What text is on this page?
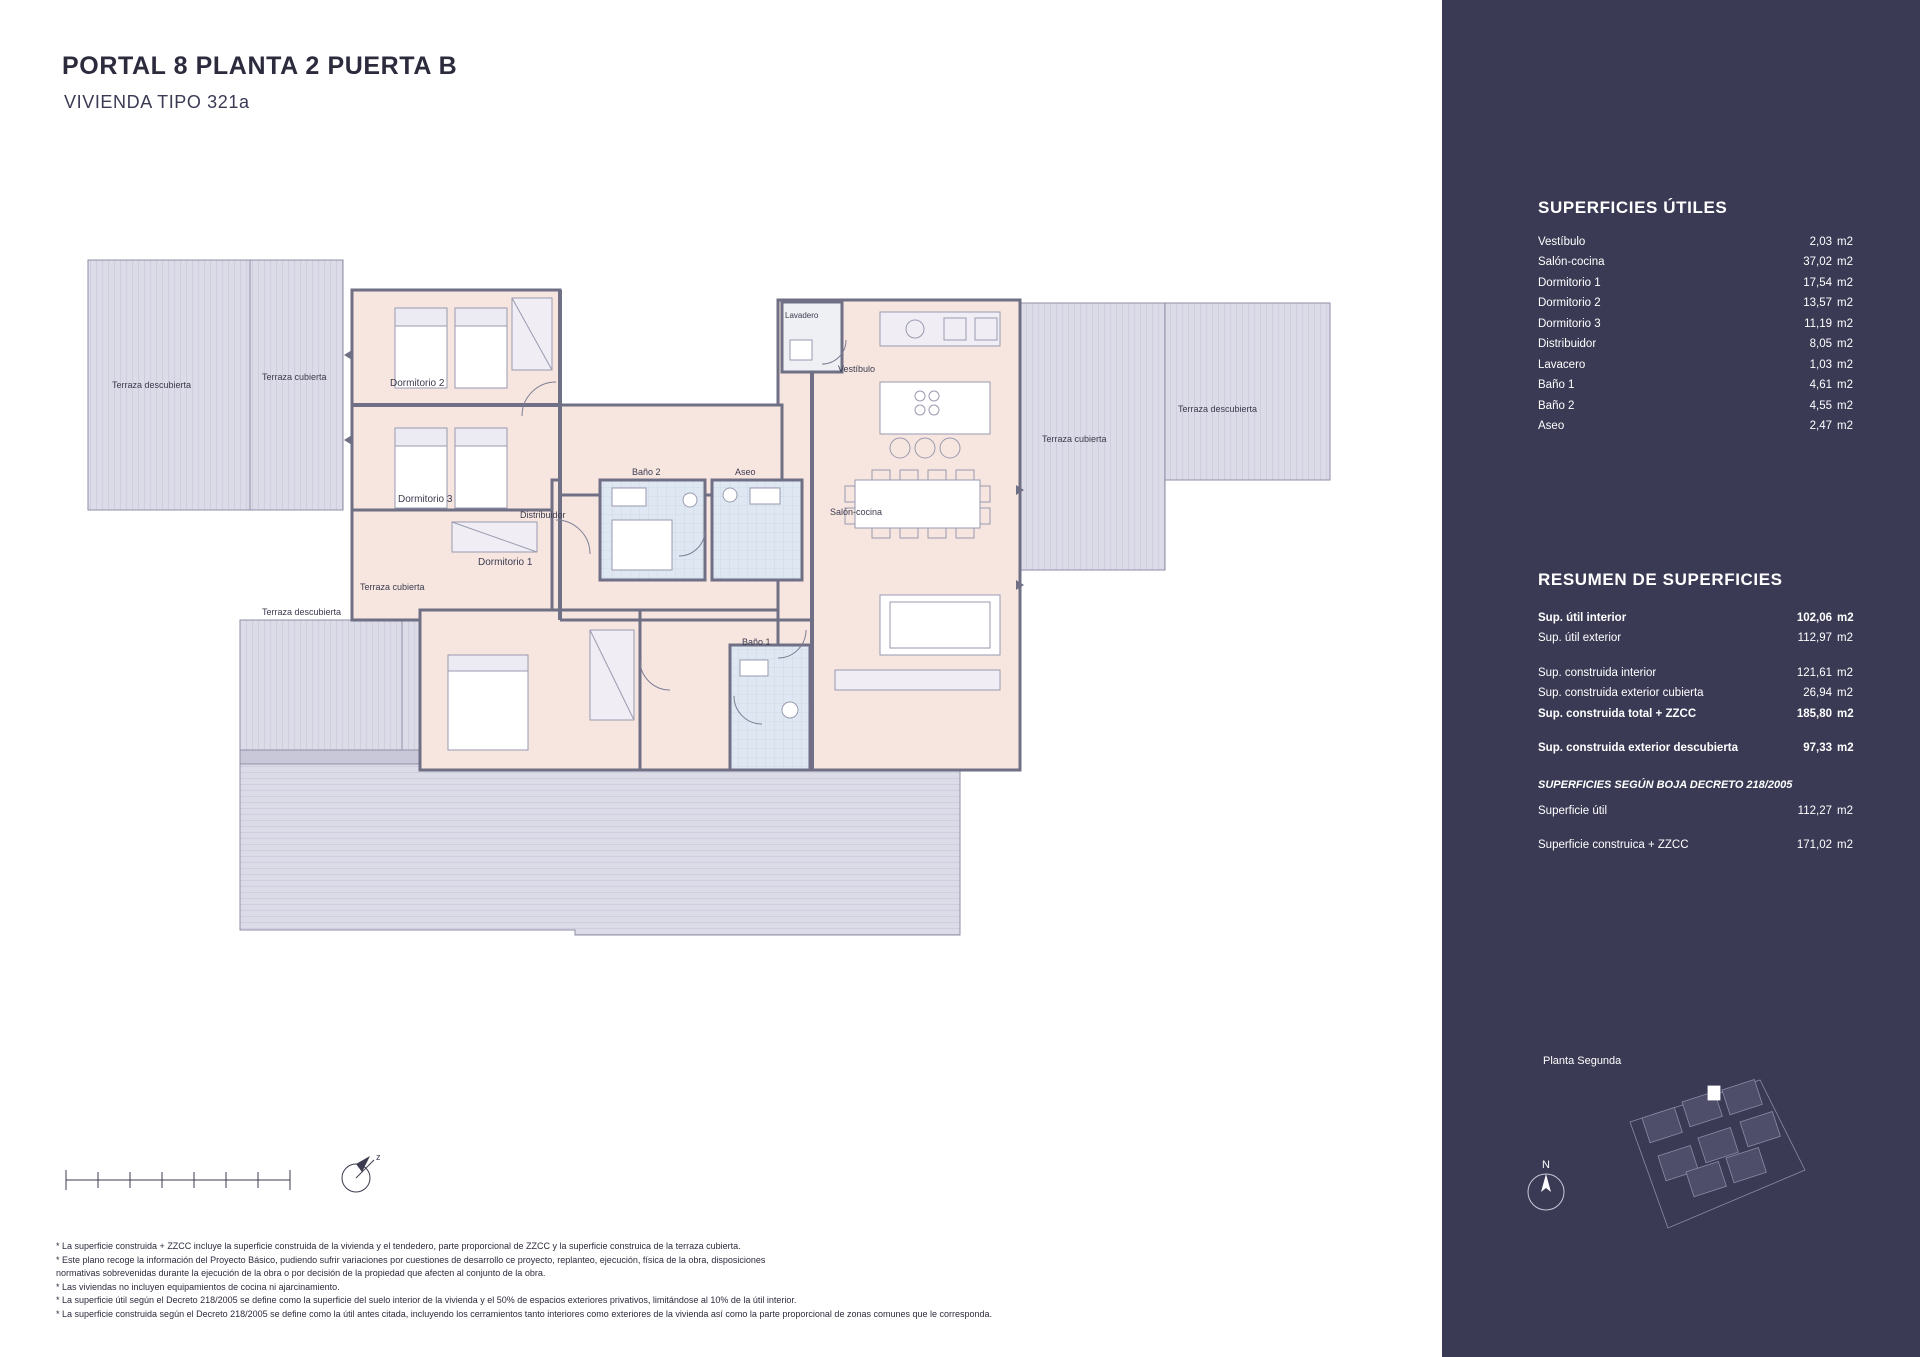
PORTAL 8 PLANTA 2 PUERTA B
VIVIENDA TIPO 321a
Terraza descubierta
Terraza cubierta
Dormitorio 2
Dormitorio 3
Distribuidor
Baño 2	Aseo
Lavadero
Vestíbulo
Salón-cocina
Dormitorio 1
Baño 1
Terraza cubierta
Terraza descubierta
Terraza descubierta
Terraza cubierta
z
* La superficie construida + ZZCC incluye la superficie construida de la vivienda y el tendedero, parte proporcional de ZZCC y la superficie construica de la terraza cubierta.
* Este plano recoge la información del Proyecto Básico, pudiendo sufrir variaciones por cuestiones de desarrollo ce proyecto, replanteo, ejecución, física de la obra, disposiciones
normativas sobrevenidas durante la ejecución de la obra o por decisión de la propiedad que afecten al conjunto de la obra.
* Las viviendas no incluyen equipamientos de cocina ni ajarcinamiento.
* La superficie útil según el Decreto 218/2005 se define como la superficie del suelo interior de la vivienda y el 50% de espacios exteriores privativos, limitándose al 10% de la útil interior.
* La superficie construida según el Decreto 218/2005 se define como la útil antes citada, incluyendo los cerramientos tanto interiores como exteriores de la vivienda así como la parte proporcional de zonas comunes que le corresponda.
SUPERFICIES ÚTILES
Vestíbulo	2,03 m2
Salón-cocina	37,02 m2
Dormitorio 1	17,54 m2
Dormitorio 2	13,57 m2
Dormitorio 3	11,19 m2
Distribuidor	8,05 m2
Lavacero	1,03 m2
Baño 1	4,61 m2
Baño 2	4,55 m2
Aseo	2,47 m2
RESUMEN DE SUPERFICIES
Sup. útil interior	102,06 m2
Sup. útil exterior	112,97 m2
Sup. construida interior	121,61 m2
Sup. construida exterior cubierta	26,94 m2
Sup. construida total + ZZCC	185,80 m2
Sup. construida exterior descubierta	97,33 m2
SUPERFICIES SEGÚN BOJA DECRETO 218/2005
Superficie útil	112,27 m2
Superficie construica + ZZCC	171,02 m2
Planta Segunda
N
